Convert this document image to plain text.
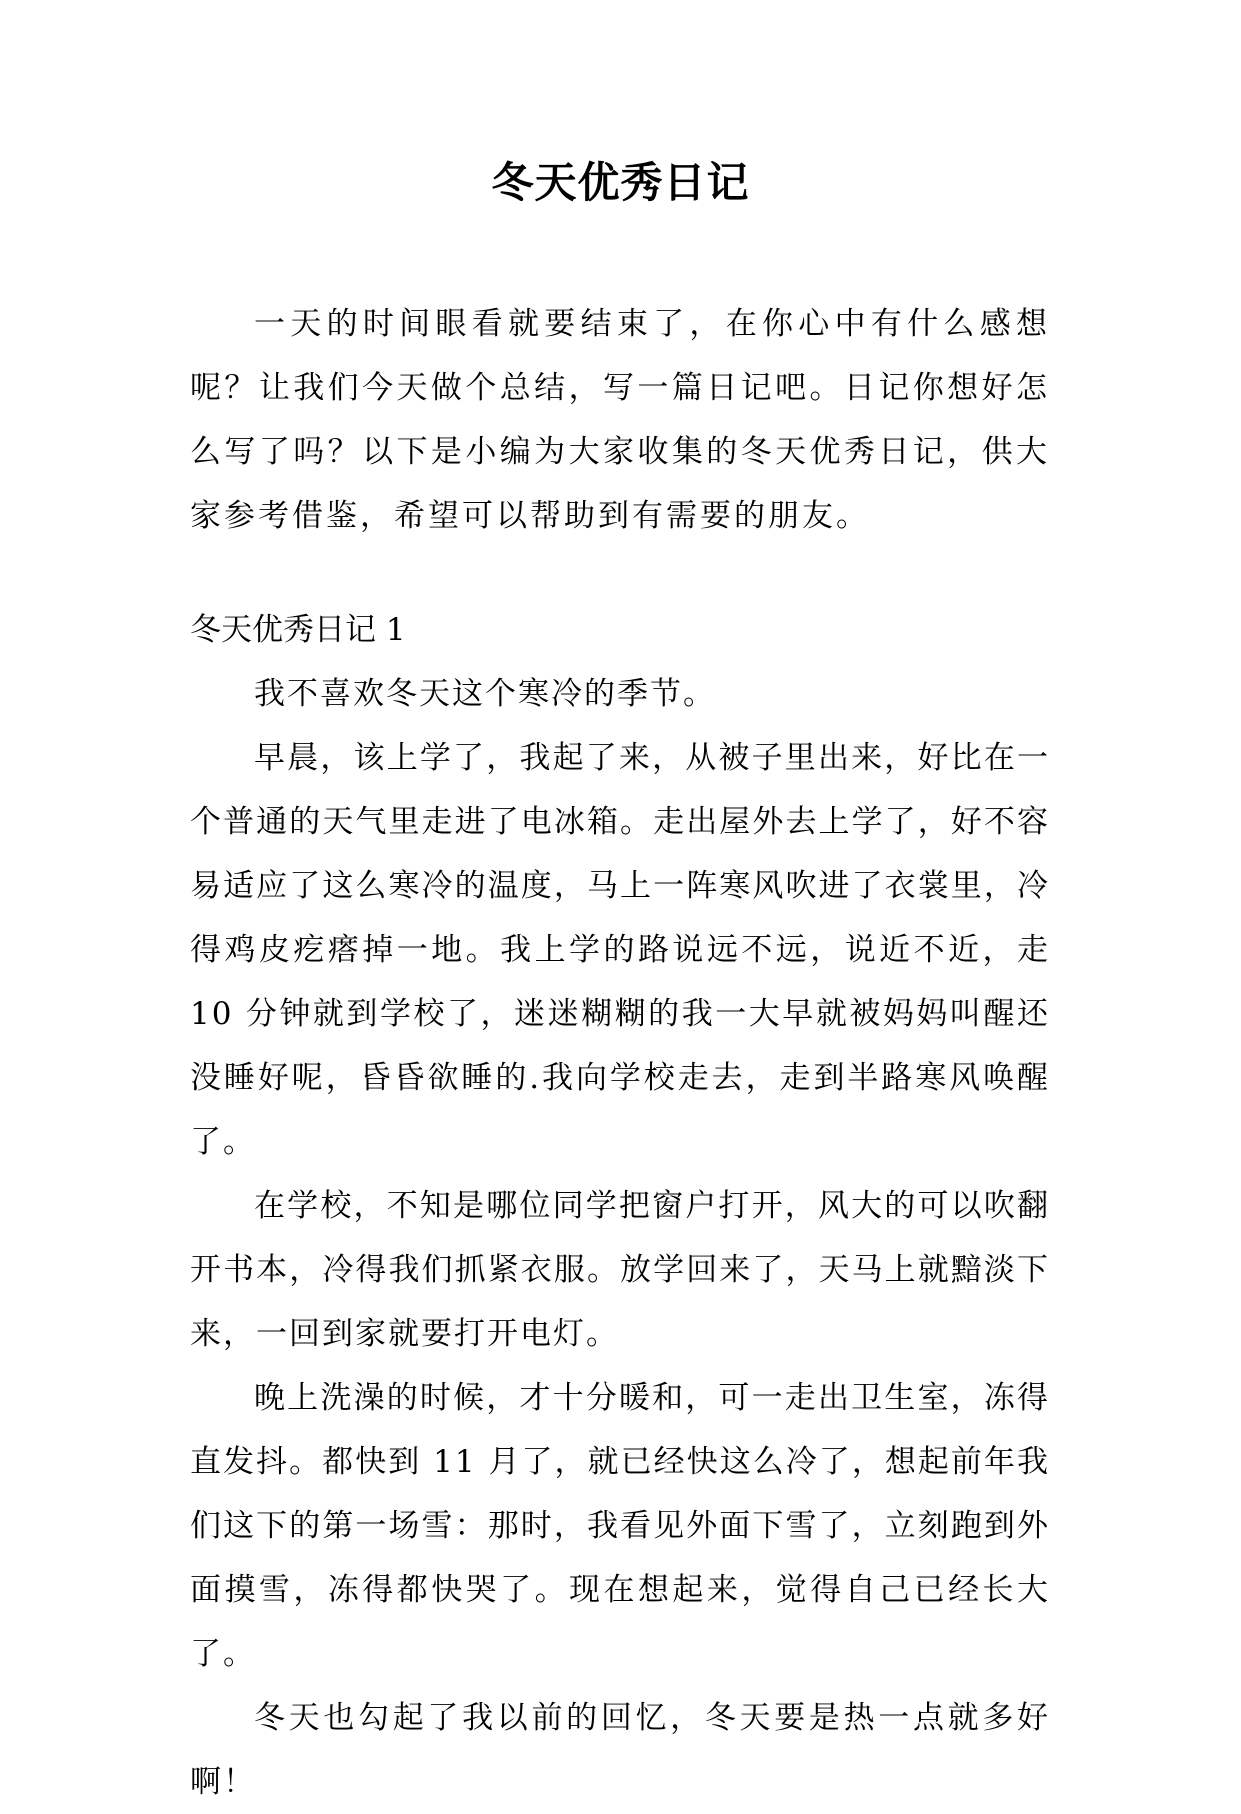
冬天优秀日记

一天的时间眼看就要结束了，在你心中有什么感想呢？让我们今天做个总结，写一篇日记吧。日记你想好怎么写了吗？以下是小编为大家收集的冬天优秀日记，供大家参考借鉴，希望可以帮助到有需要的朋友。

冬天优秀日记 1

我不喜欢冬天这个寒冷的季节。

早晨，该上学了，我起了来，从被子里出来，好比在一个普通的天气里走进了电冰箱。走出屋外去上学了，好不容易适应了这么寒冷的温度，马上一阵寒风吹进了衣裳里，冷得鸡皮疙瘩掉一地。我上学的路说远不远，说近不近，走 10 分钟就到学校了，迷迷糊糊的我一大早就被妈妈叫醒还没睡好呢，昏昏欲睡的.我向学校走去，走到半路寒风唤醒了。

在学校，不知是哪位同学把窗户打开，风大的可以吹翻开书本，冷得我们抓紧衣服。放学回来了，天马上就黯淡下来，一回到家就要打开电灯。

晚上洗澡的时候，才十分暖和，可一走出卫生室，冻得直发抖。都快到 11 月了，就已经快这么冷了，想起前年我们这下的第一场雪：那时，我看见外面下雪了，立刻跑到外面摸雪，冻得都快哭了。现在想起来，觉得自己已经长大了。

冬天也勾起了我以前的回忆，冬天要是热一点就多好啊！
